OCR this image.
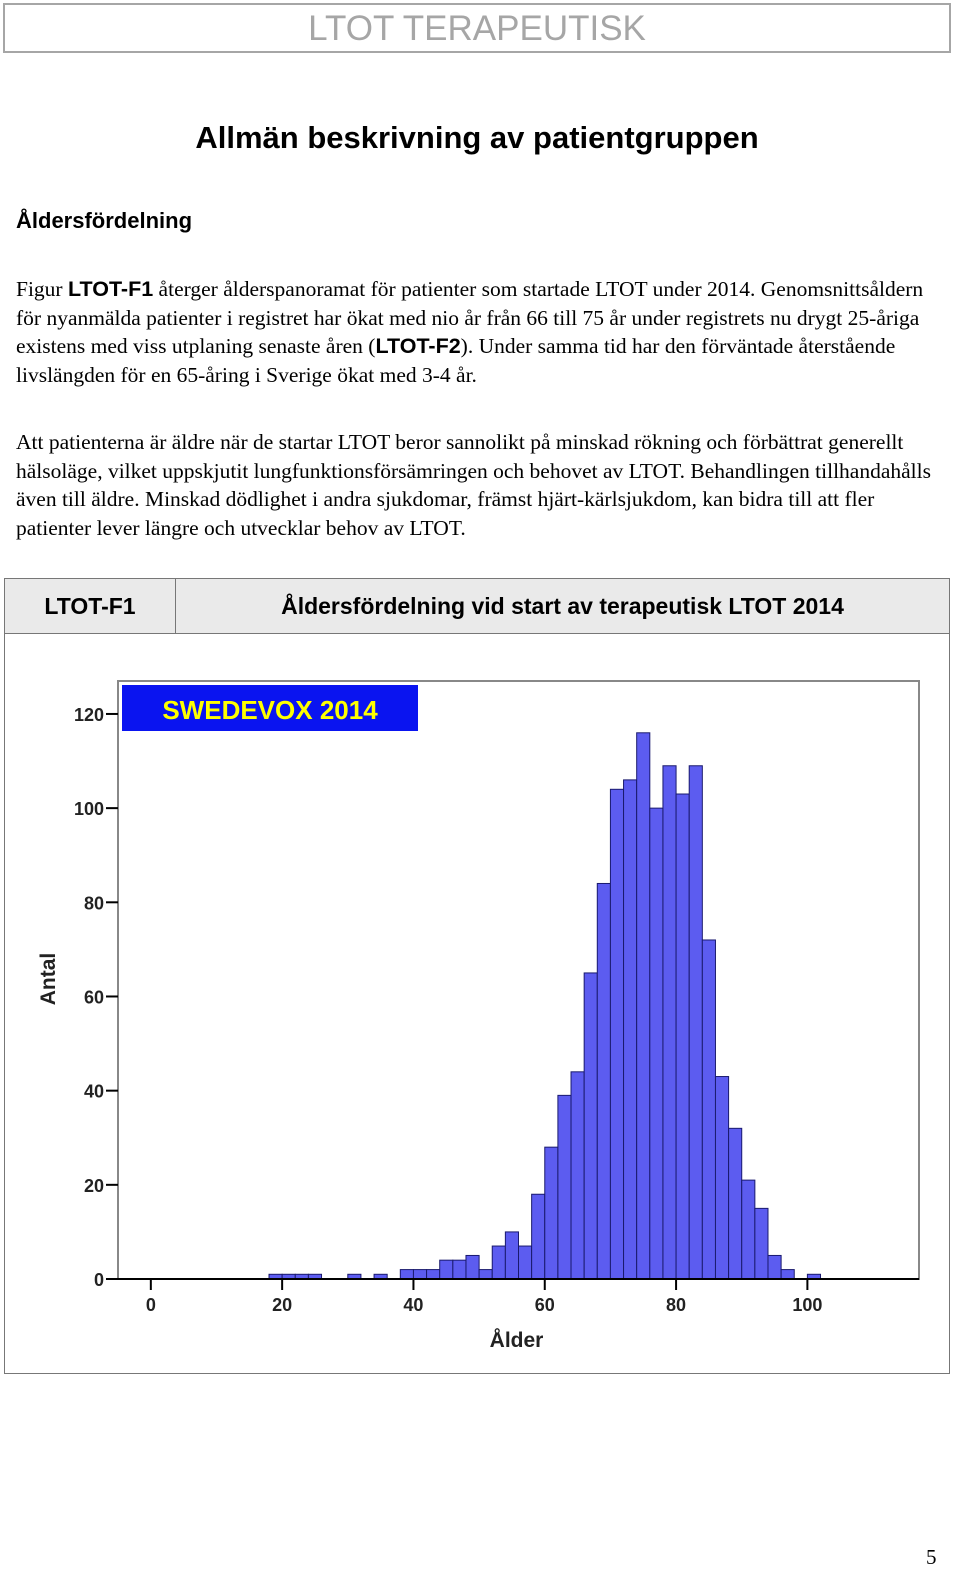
LTOT TERAPEUTISK
Allmän beskrivning av patientgruppen
Åldersfördelning
Figur LTOT-F1 återger ålderspanoramat för patienter som startade LTOT under 2014. Genomsnittsåldern för nyanmälda patienter i registret har ökat med nio år från 66 till 75 år under registrets nu drygt 25-åriga existens med viss utplaning senaste åren (LTOT-F2). Under samma tid har den förväntade återstående livslängden för en 65-åring i Sverige ökat med 3-4 år.
Att patienterna är äldre när de startar LTOT beror sannolikt på minskad rökning och förbättrat generellt hälsoläge, vilket uppskjutit lungfunktionsförsämringen och behovet av LTOT. Behandlingen tillhandahålls även till äldre. Minskad dödlighet i andra sjukdomar, främst hjärt-kärlsjukdom, kan bidra till att fler patienter lever längre och utvecklar behov av LTOT.
LTOT-F1	Åldersfördelning vid start av terapeutisk LTOT 2014
0
20
40
60
80
100
120
0	20	40	60	80	100
Ålder
Antal
SWEDEVOX 2014
5
